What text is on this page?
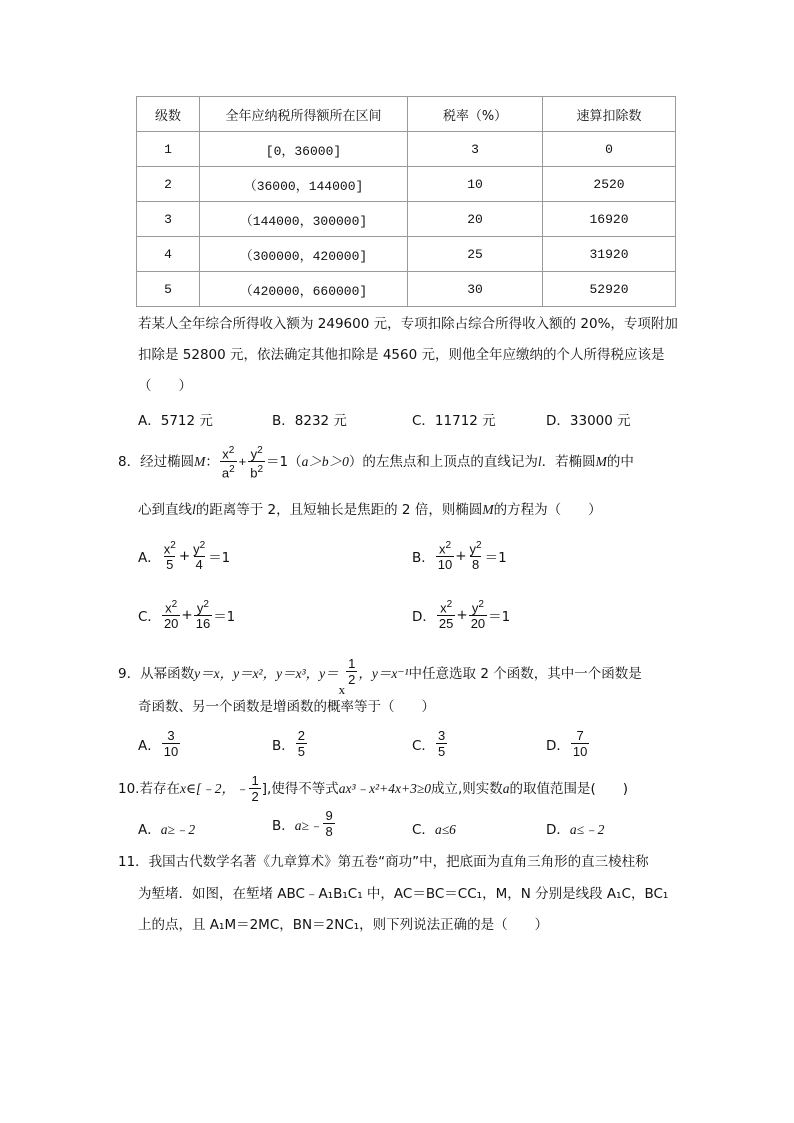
级数	全年应纳税所得额所在区间	税率（%）	速算扣除数
1	[0，36000]	3	0
2	（36000，144000]	10	2520
3	（144000，300000]	20	16920
4	（300000，420000]	25	31920
5	（420000，660000]	30	52920
若某人全年综合所得收入额为 249600 元，专项扣除占综合所得收入额的 20%，专项附加
扣除是 52800 元，依法确定其他扣除是 4560 元，则他全年应缴纳的个人所得税应该是
（　　）
A．5712 元	B．8232 元	C．11712 元	D．33000 元
8．经过椭圆 M ： $\frac{x^2}{a^2} + \frac{y^2}{b^2} =1$（ a＞b＞0 ）的左焦点和上顶点的直线记为 l ．若椭圆 M 的中
心到直线l的距离等于 2，且短轴长是焦距的 2 倍，则椭圆M的方程为（　　）
A． $\frac{x^2}{5} + \frac{y^2}{4} =1$	B． $\frac{x^2}{10} + \frac{y^2}{8} =1$
C． $\frac{x^2}{20} + \frac{y^2}{16} =1$	D． $\frac{x^2}{25} + \frac{y^2}{20} =1$
9．从幂函数 y＝x， y＝x²， y＝x³， y＝
x
$\frac{1}{2}$ ，y＝x⁻¹ 中任意选取 2 个函数，其中一个函数是
奇函数、另一个函数是增函数的概率等于（　　）
A． $\frac{3}{10}$	B． $\frac{2}{5}$	C． $\frac{3}{5}$	D． $\frac{7}{10}$
10.若存在 x∈[﹣2，﹣ $\frac{1}{2}$ ],使得不等式 ax³﹣x²+4x+3≥0 成立,则实数 a 的取值范围是(　　)
A．a≥﹣2	B． a≥﹣ $\frac{9}{8}$	C．a≤6	D．a≤﹣2
11．我国古代数学名著《九章算术》第五卷“商功”中，把底面为直角三角形的直三棱柱称
为堑堵．如图，在堑堵 ABC﹣A₁B₁C₁ 中，AC＝BC＝CC₁，M，N 分别是线段 A₁C，BC₁
上的点，且 A₁M＝2MC，BN＝2NC₁，则下列说法正确的是（　　）
